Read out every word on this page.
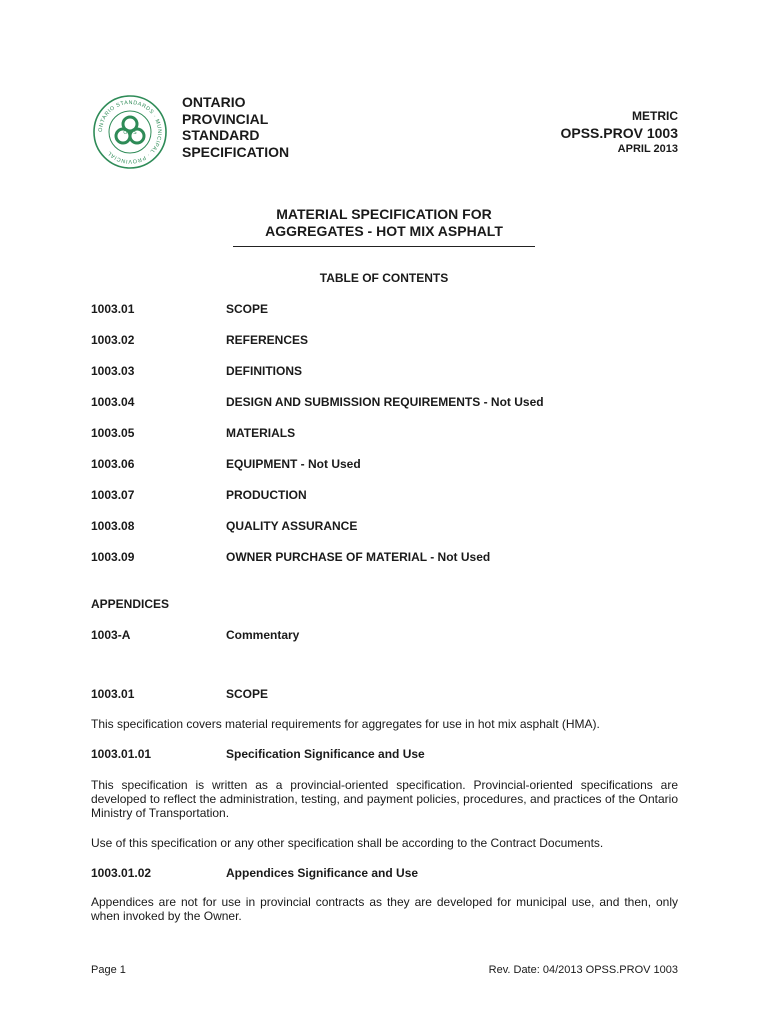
ONTARIO STANDARDS · MUNICIPAL · PROVINCIAL
O P S
ONTARIO
PROVINCIAL
STANDARD
SPECIFICATION
METRIC
OPSS.PROV 1003
APRIL 2013
MATERIAL SPECIFICATION FOR
AGGREGATES - HOT MIX ASPHALT
TABLE OF CONTENTS
1003.01	SCOPE
1003.02	REFERENCES
1003.03	DEFINITIONS
1003.04	DESIGN AND SUBMISSION REQUIREMENTS - Not Used
1003.05	MATERIALS
1003.06	EQUIPMENT - Not Used
1003.07	PRODUCTION
1003.08	QUALITY ASSURANCE
1003.09	OWNER PURCHASE OF MATERIAL - Not Used
APPENDICES
1003-A	Commentary
1003.01	SCOPE

This specification covers material requirements for aggregates for use in hot mix asphalt (HMA).

1003.01.01	Specification Significance and Use

This specification is written as a provincial-oriented specification. Provincial-oriented specifications are developed to reflect the administration, testing, and payment policies, procedures, and practices of the Ontario Ministry of Transportation.

Use of this specification or any other specification shall be according to the Contract Documents.

1003.01.02	Appendices Significance and Use

Appendices are not for use in provincial contracts as they are developed for municipal use, and then, only when invoked by the Owner.

Page 1	Rev. Date: 04/2013 OPSS.PROV 1003
